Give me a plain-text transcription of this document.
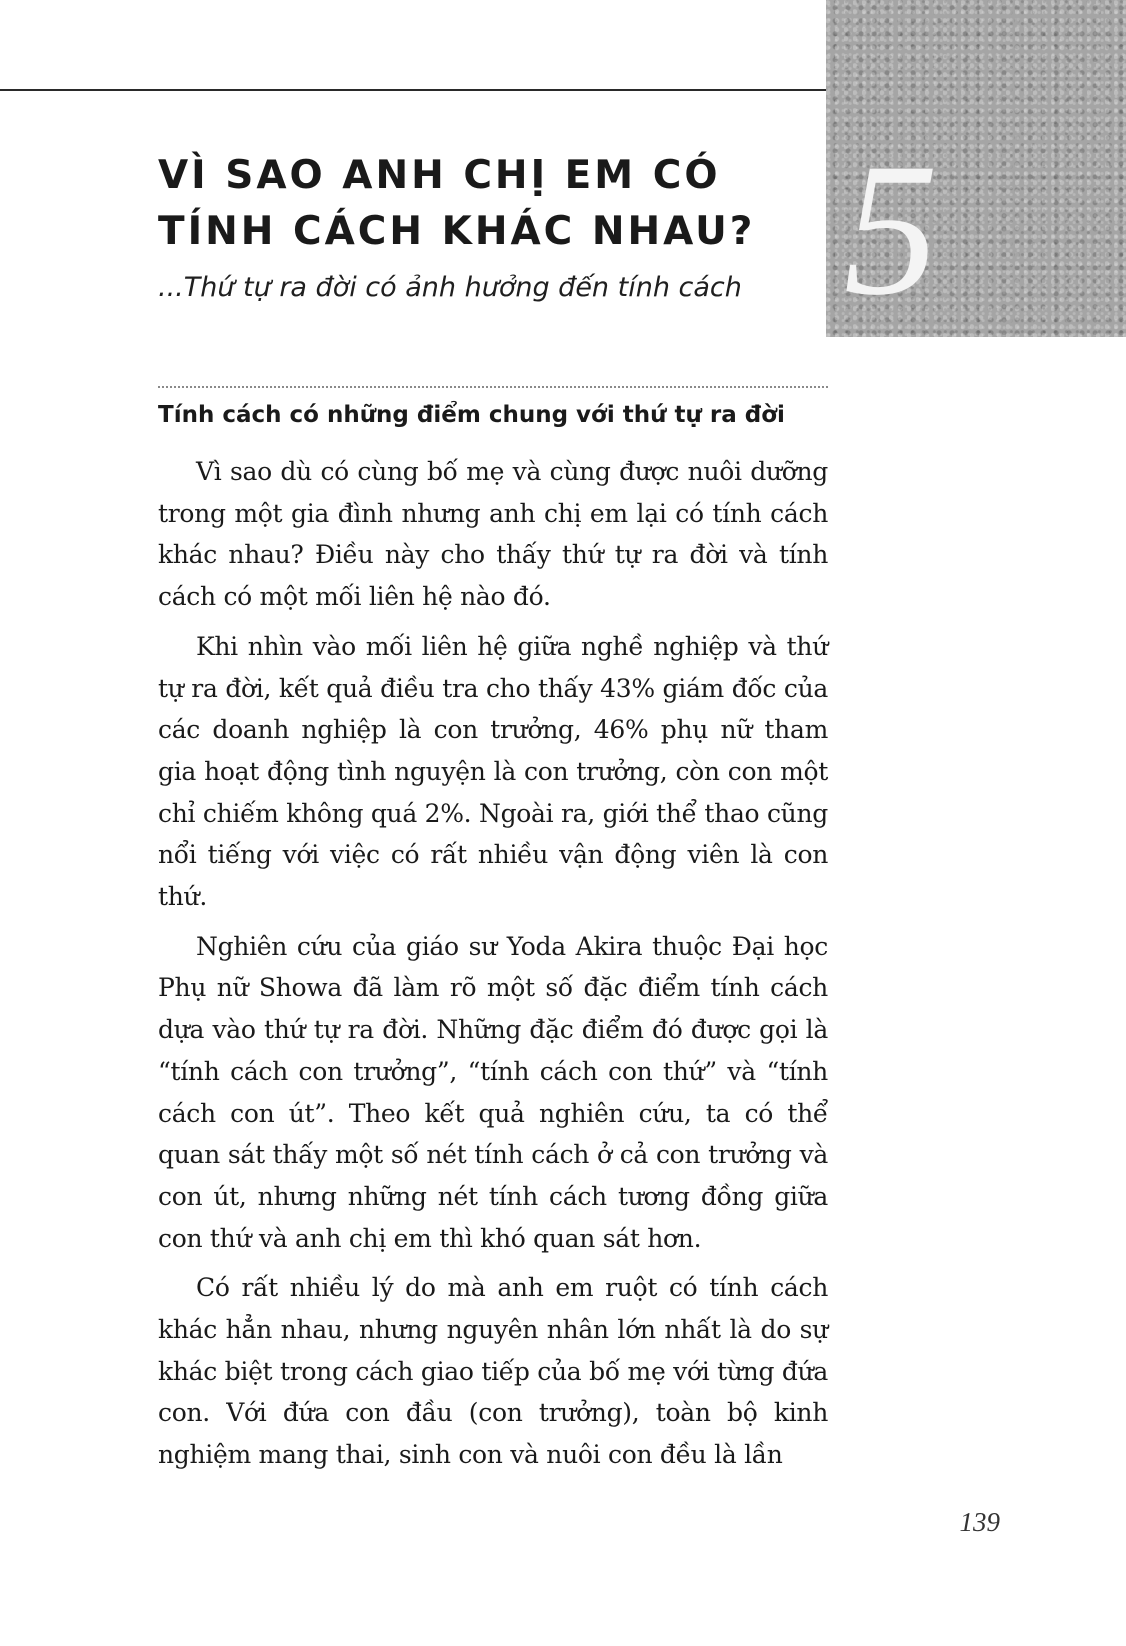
5
VÌ SAO ANH CHỊ EM CÓ TÍNH CÁCH KHÁC NHAU?
...Thứ tự ra đời có ảnh hưởng đến tính cách
Tính cách có những điểm chung với thứ tự ra đời

Vì sao dù có cùng bố mẹ và cùng được nuôi dưỡng trong một gia đình nhưng anh chị em lại có tính cách khác nhau? Điều này cho thấy thứ tự ra đời và tính cách có một mối liên hệ nào đó.

Khi nhìn vào mối liên hệ giữa nghề nghiệp và thứ tự ra đời, kết quả điều tra cho thấy 43% giám đốc của các doanh nghiệp là con trưởng, 46% phụ nữ tham gia hoạt động tình nguyện là con trưởng, còn con một chỉ chiếm không quá 2%. Ngoài ra, giới thể thao cũng nổi tiếng với việc có rất nhiều vận động viên là con thứ.

Nghiên cứu của giáo sư Yoda Akira thuộc Đại học Phụ nữ Showa đã làm rõ một số đặc điểm tính cách dựa vào thứ tự ra đời. Những đặc điểm đó được gọi là “tính cách con trưởng”, “tính cách con thứ” và “tính cách con út”. Theo kết quả nghiên cứu, ta có thể quan sát thấy một số nét tính cách ở cả con trưởng và con út, nhưng những nét tính cách tương đồng giữa con thứ và anh chị em thì khó quan sát hơn.

Có rất nhiều lý do mà anh em ruột có tính cách khác hẳn nhau, nhưng nguyên nhân lớn nhất là do sự khác biệt trong cách giao tiếp của bố mẹ với từng đứa con. Với đứa con đầu (con trưởng), toàn bộ kinh nghiệm mang thai, sinh con và nuôi con đều là lần

139
